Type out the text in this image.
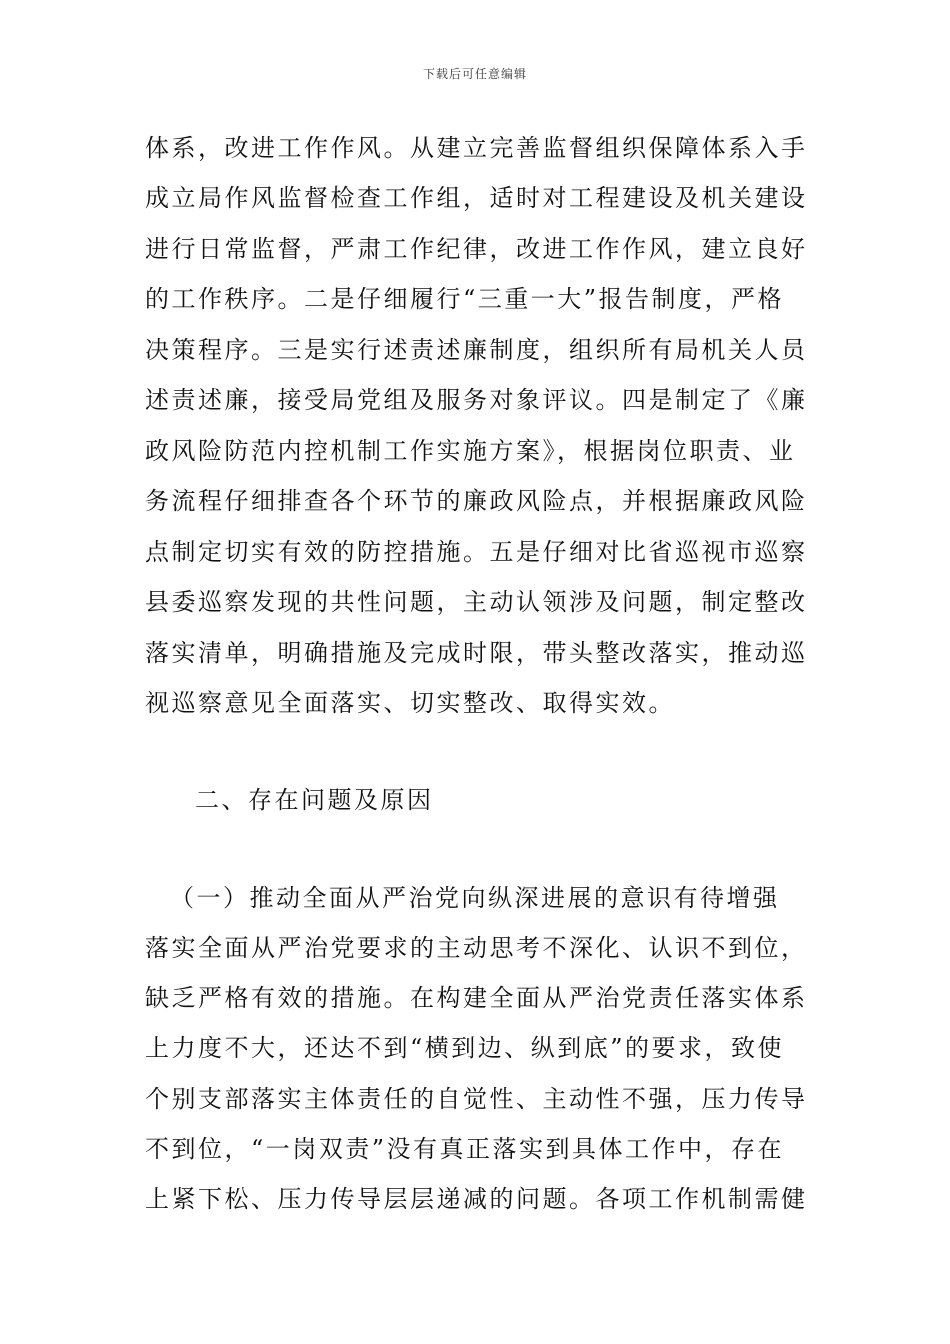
下载后可任意编辑
体系，改进工作作风。从建立完善监督组织保障体系入手
成立局作风监督检查工作组，适时对工程建设及机关建设
进行日常监督，严肃工作纪律，改进工作作风，建立良好
的工作秩序。二是仔细履行“三重一大”报告制度，严格
决策程序。三是实行述责述廉制度，组织所有局机关人员
述责述廉，接受局党组及服务对象评议。四是制定了《廉
政风险防范内控机制工作实施方案》，根据岗位职责、业
务流程仔细排查各个环节的廉政风险点，并根据廉政风险
点制定切实有效的防控措施。五是仔细对比省巡视市巡察
县委巡察发现的共性问题，主动认领涉及问题，制定整改
落实清单，明确措施及完成时限，带头整改落实，推动巡
视巡察意见全面落实、切实整改、取得实效。
二、存在问题及原因
（一）推动全面从严治党向纵深进展的意识有待增强
落实全面从严治党要求的主动思考不深化、认识不到位，
缺乏严格有效的措施。在构建全面从严治党责任落实体系
上力度不大，还达不到“横到边、纵到底”的要求，致使
个别支部落实主体责任的自觉性、主动性不强，压力传导
不到位，“一岗双责”没有真正落实到具体工作中，存在
上紧下松、压力传导层层递减的问题。各项工作机制需健
